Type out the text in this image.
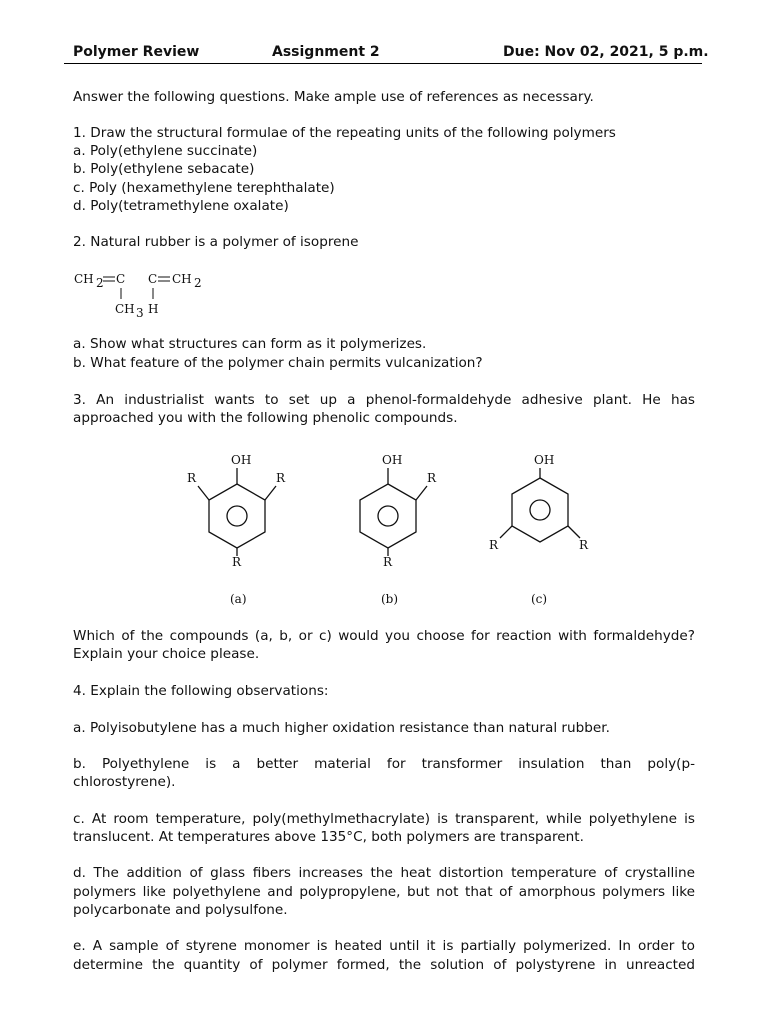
Polymer Review	Assignment 2	Due: Nov 02, 2021, 5 p.m.
Answer the following questions. Make ample use of references as necessary.
1. Draw the structural formulae of the repeating units of the following polymers
a. Poly(ethylene succinate)
b. Poly(ethylene sebacate)
c. Poly (hexamethylene terephthalate)
d. Poly(tetramethylene oxalate)
2. Natural rubber is a polymer of isoprene
CH 2 C C CH 2
CH 3 H
OH
R	R
R
(a)
OH
R
R
(b)
OH
R	R
(c)
a. Show what structures can form as it polymerizes.
b. What feature of the polymer chain permits vulcanization?
3. An industrialist wants to set up a phenol-formaldehyde adhesive plant. He has
approached you with the following phenolic compounds.
Which of the compounds (a, b, or c) would you choose for reaction with formaldehyde?
Explain your choice please.
4. Explain the following observations:
a. Polyisobutylene has a much higher oxidation resistance than natural rubber.
b. Polyethylene is a better material for transformer insulation than poly(p-
chlorostyrene).
c. At room temperature, poly(methylmethacrylate) is transparent, while polyethylene is
translucent. At temperatures above 135°C, both polymers are transparent.
d. The addition of glass fibers increases the heat distortion temperature of crystalline
polymers like polyethylene and polypropylene, but not that of amorphous polymers like
polycarbonate and polysulfone.
e. A sample of styrene monomer is heated until it is partially polymerized. In order to
determine the quantity of polymer formed, the solution of polystyrene in unreacted
